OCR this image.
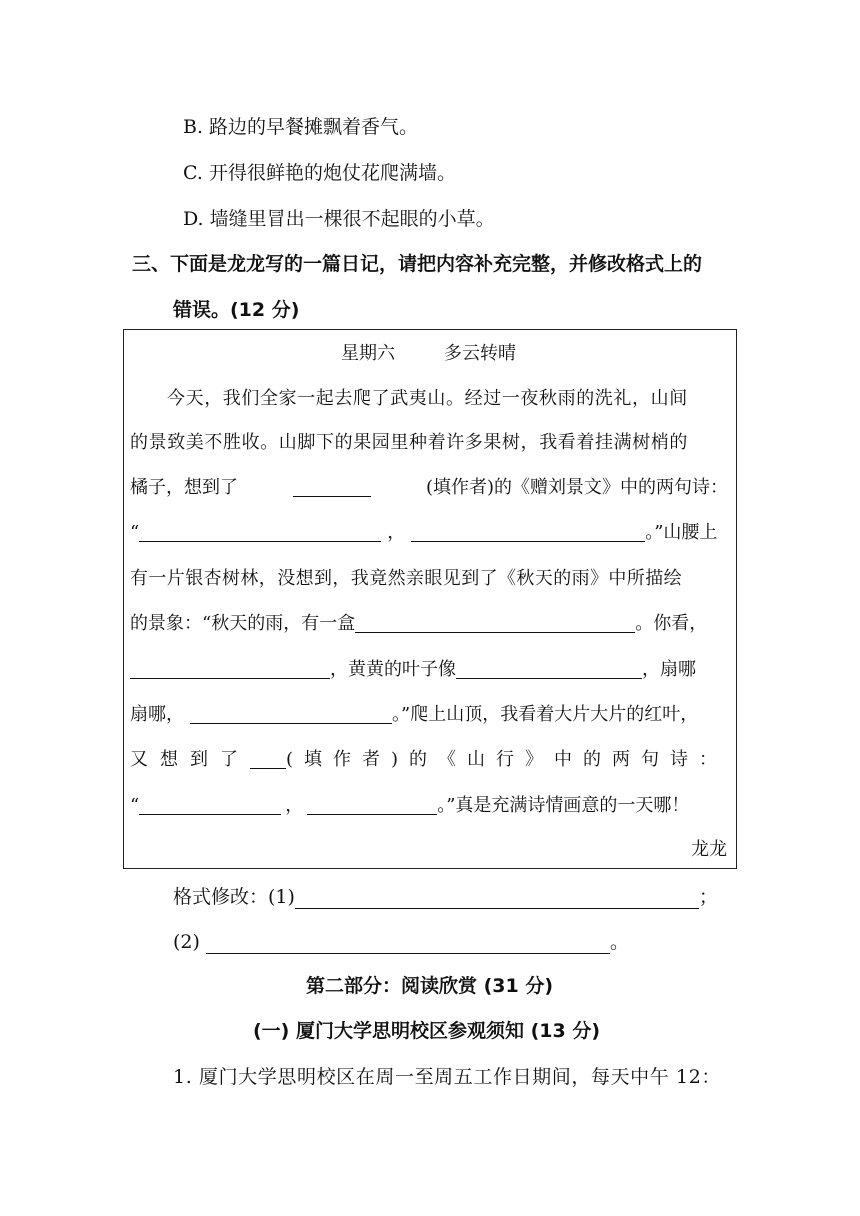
B. 路边的早餐摊飘着香气。
C. 开得很鲜艳的炮仗花爬满墙。
D. 墙缝里冒出一棵很不起眼的小草。
三、下面是龙龙写的一篇日记，请把内容补充完整，并修改格式上的
错误。(12 分)
星期六	多云转晴
今天，我们全家一起去爬了武夷山。经过一夜秋雨的洗礼，山间
的景致美不胜收。山脚下的果园里种着许多果树，我看着挂满树梢的
橘子，想到了	(填作者)的《赠刘景文》中的两句诗：
“	，	。”山腰上
有一片银杏树林，没想到，我竟然亲眼见到了《秋天的雨》中所描绘
的景象：“秋天的雨，有一盒	。你看，
，黄黄的叶子像	，扇哪
扇哪，	。”爬上山顶，我看着大片大片的红叶，
又想到了 (填作者)的《山行》中的两句诗：
“	，	。”真是充满诗情画意的一天哪！
龙龙
格式修改：(1)	；
(2)	。
第二部分：阅读欣赏 (31 分)
(一) 厦门大学思明校区参观须知 (13 分)
1. 厦门大学思明校区在周一至周五工作日期间，每天中午 12：
